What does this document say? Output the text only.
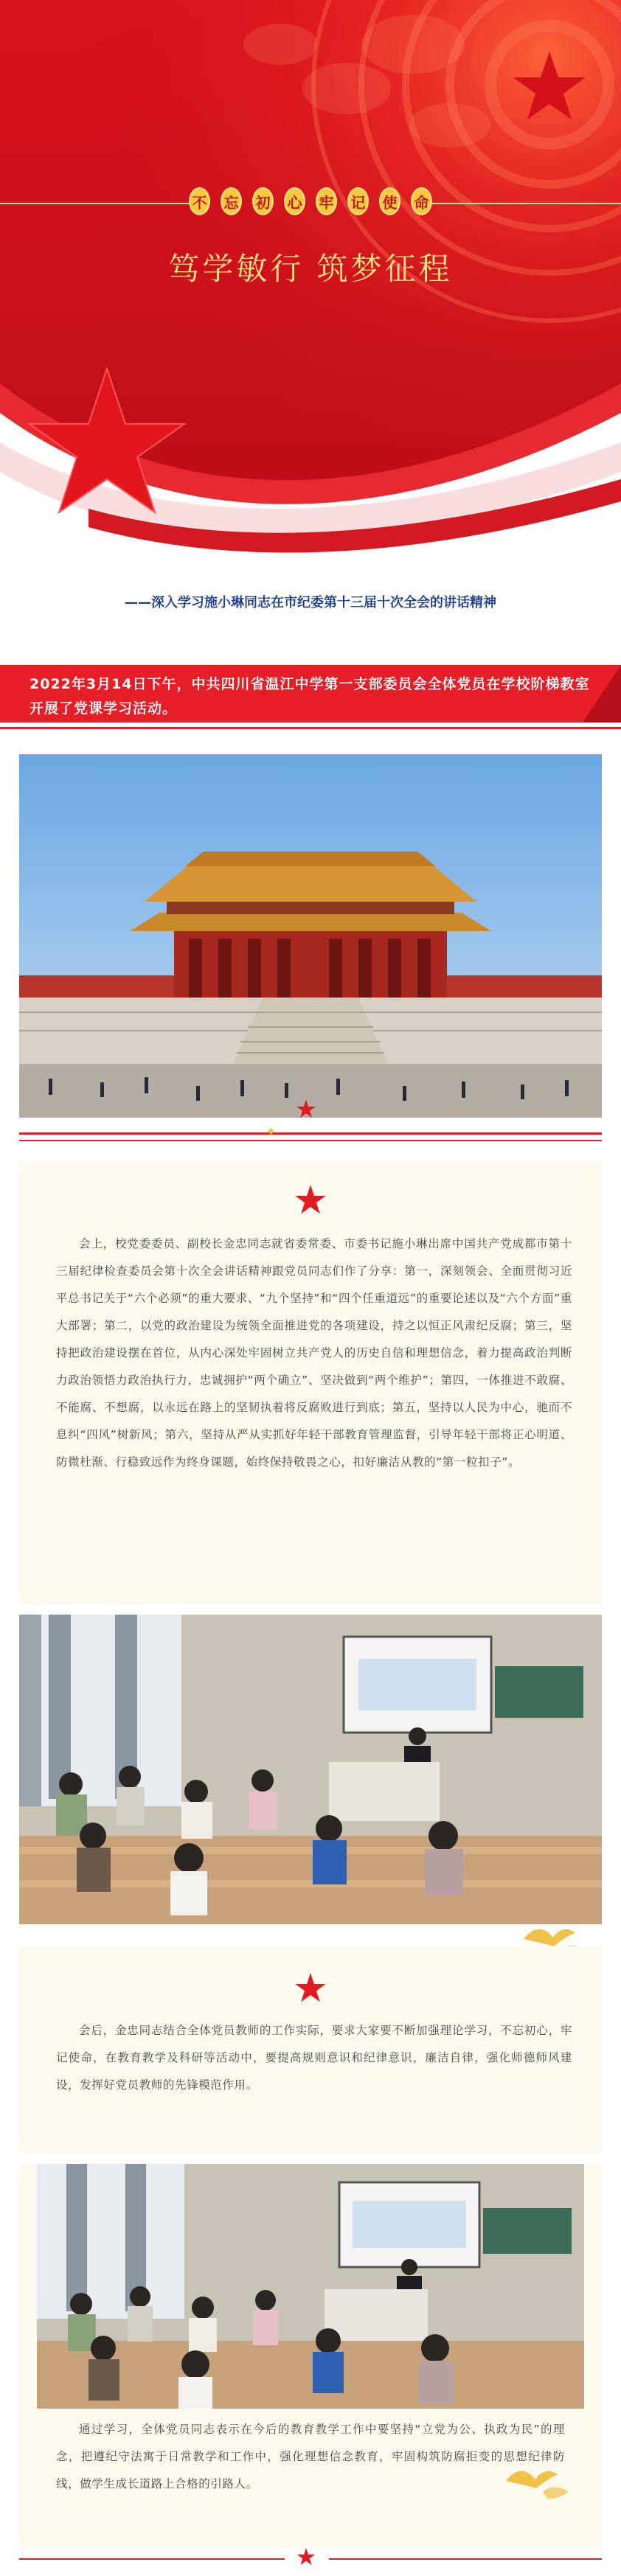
不 忘 初 心 牢 记 使 命
笃学敏行 筑梦征程
——深入学习施小琳同志在市纪委第十三届十次全会的讲话精神
2022年3月14日下午，中共四川省温江中学第一支部委员会全体党员在学校阶梯教室开展了党课学习活动。
✦
★
★
会上，校党委委员、副校长金忠同志就省委常委、市委书记施小琳出席中国共产党成都市第十三届纪律检查委员会第十次全会讲话精神跟党员同志们作了分享：第一，深刻领会、全面贯彻习近平总书记关于“六个必须”的重大要求、“九个坚持”和“四个任重道远”的重要论述以及“六个方面”重大部署；第二，以党的政治建设为统领全面推进党的各项建设，持之以恒正风肃纪反腐；第三，坚持把政治建设摆在首位，从内心深处牢固树立共产党人的历史自信和理想信念，着力提高政治判断力政治领悟力政治执行力，忠诚拥护“两个确立”、坚决做到“两个维护”；第四，一体推进不敢腐、不能腐、不想腐，以永远在路上的坚韧执着将反腐败进行到底；第五，坚持以人民为中心，驰而不息纠“四风”树新风；第六，坚持从严从实抓好年轻干部教育管理监督，引导年轻干部将正心明道、防微杜渐、行稳致远作为终身课题，始终保持敬畏之心，扣好廉洁从教的“第一粒扣子”。
★
会后，金忠同志结合全体党员教师的工作实际，要求大家要不断加强理论学习，不忘初心，牢记使命，在教育教学及科研等活动中，要提高规则意识和纪律意识，廉洁自律，强化师德师风建设，发挥好党员教师的先锋模范作用。
通过学习，全体党员同志表示在今后的教育教学工作中要坚持“立党为公、执政为民”的理念，把遵纪守法寓于日常教学和工作中，强化理想信念教育，牢固构筑防腐拒变的思想纪律防线，做学生成长道路上合格的引路人。
★
